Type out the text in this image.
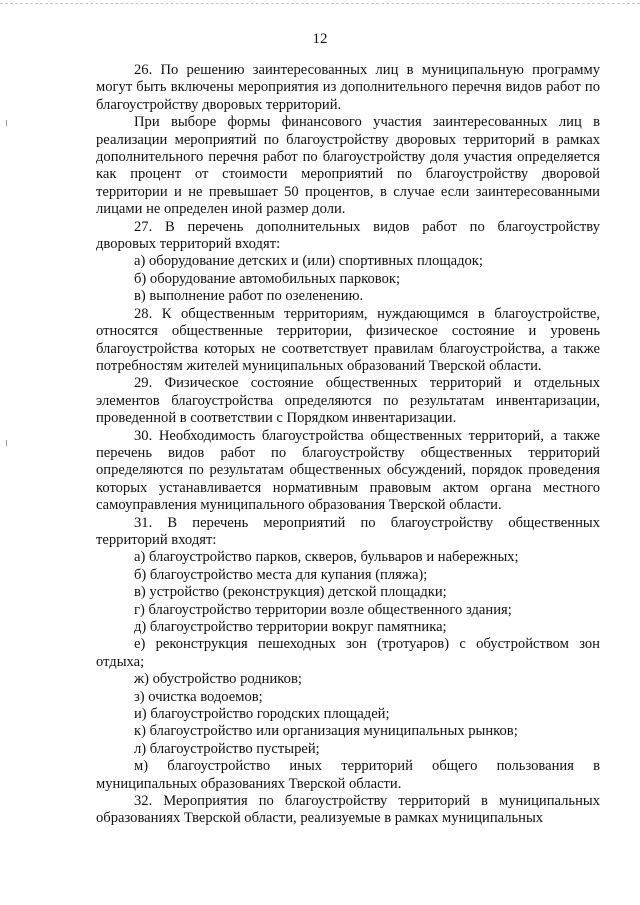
12

26. По решению заинтересованных лиц в муниципальную программу могут быть включены мероприятия из дополнительного перечня видов работ по благоустройству дворовых территорий.

При выборе формы финансового участия заинтересованных лиц в реализации мероприятий по благоустройству дворовых территорий в рамках дополнительного перечня работ по благоустройству доля участия определяется как процент от стоимости мероприятий по благоустройству дворовой территории и не превышает 50 процентов, в случае если заинтересованными лицами не определен иной размер доли.

27. В перечень дополнительных видов работ по благоустройству дворовых территорий входят:

а) оборудование детских и (или) спортивных площадок;

б) оборудование автомобильных парковок;

в) выполнение работ по озеленению.

28. К общественным территориям, нуждающимся в благоустройстве, относятся общественные территории, физическое состояние и уровень благоустройства которых не соответствует правилам благоустройства, а также потребностям жителей муниципальных образований Тверской области.

29. Физическое состояние общественных территорий и отдельных элементов благоустройства определяются по результатам инвентаризации, проведенной в соответствии с Порядком инвентаризации.

30. Необходимость благоустройства общественных территорий, а также перечень видов работ по благоустройству общественных территорий определяются по результатам общественных обсуждений, порядок проведения которых устанавливается нормативным правовым актом органа местного самоуправления муниципального образования Тверской области.

31. В перечень мероприятий по благоустройству общественных территорий входят:

а) благоустройство парков, скверов, бульваров и набережных;

б) благоустройство места для купания (пляжа);

в) устройство (реконструкция) детской площадки;

г) благоустройство территории возле общественного здания;

д) благоустройство территории вокруг памятника;

е) реконструкция пешеходных зон (тротуаров) с обустройством зон отдыха;

ж) обустройство родников;

з) очистка водоемов;

и) благоустройство городских площадей;

к) благоустройство или организация муниципальных рынков;

л) благоустройство пустырей;

м) благоустройство иных территорий общего пользования в муниципальных образованиях Тверской области.

32. Мероприятия по благоустройству территорий в муниципальных образованиях Тверской области, реализуемые в рамках муниципальных
